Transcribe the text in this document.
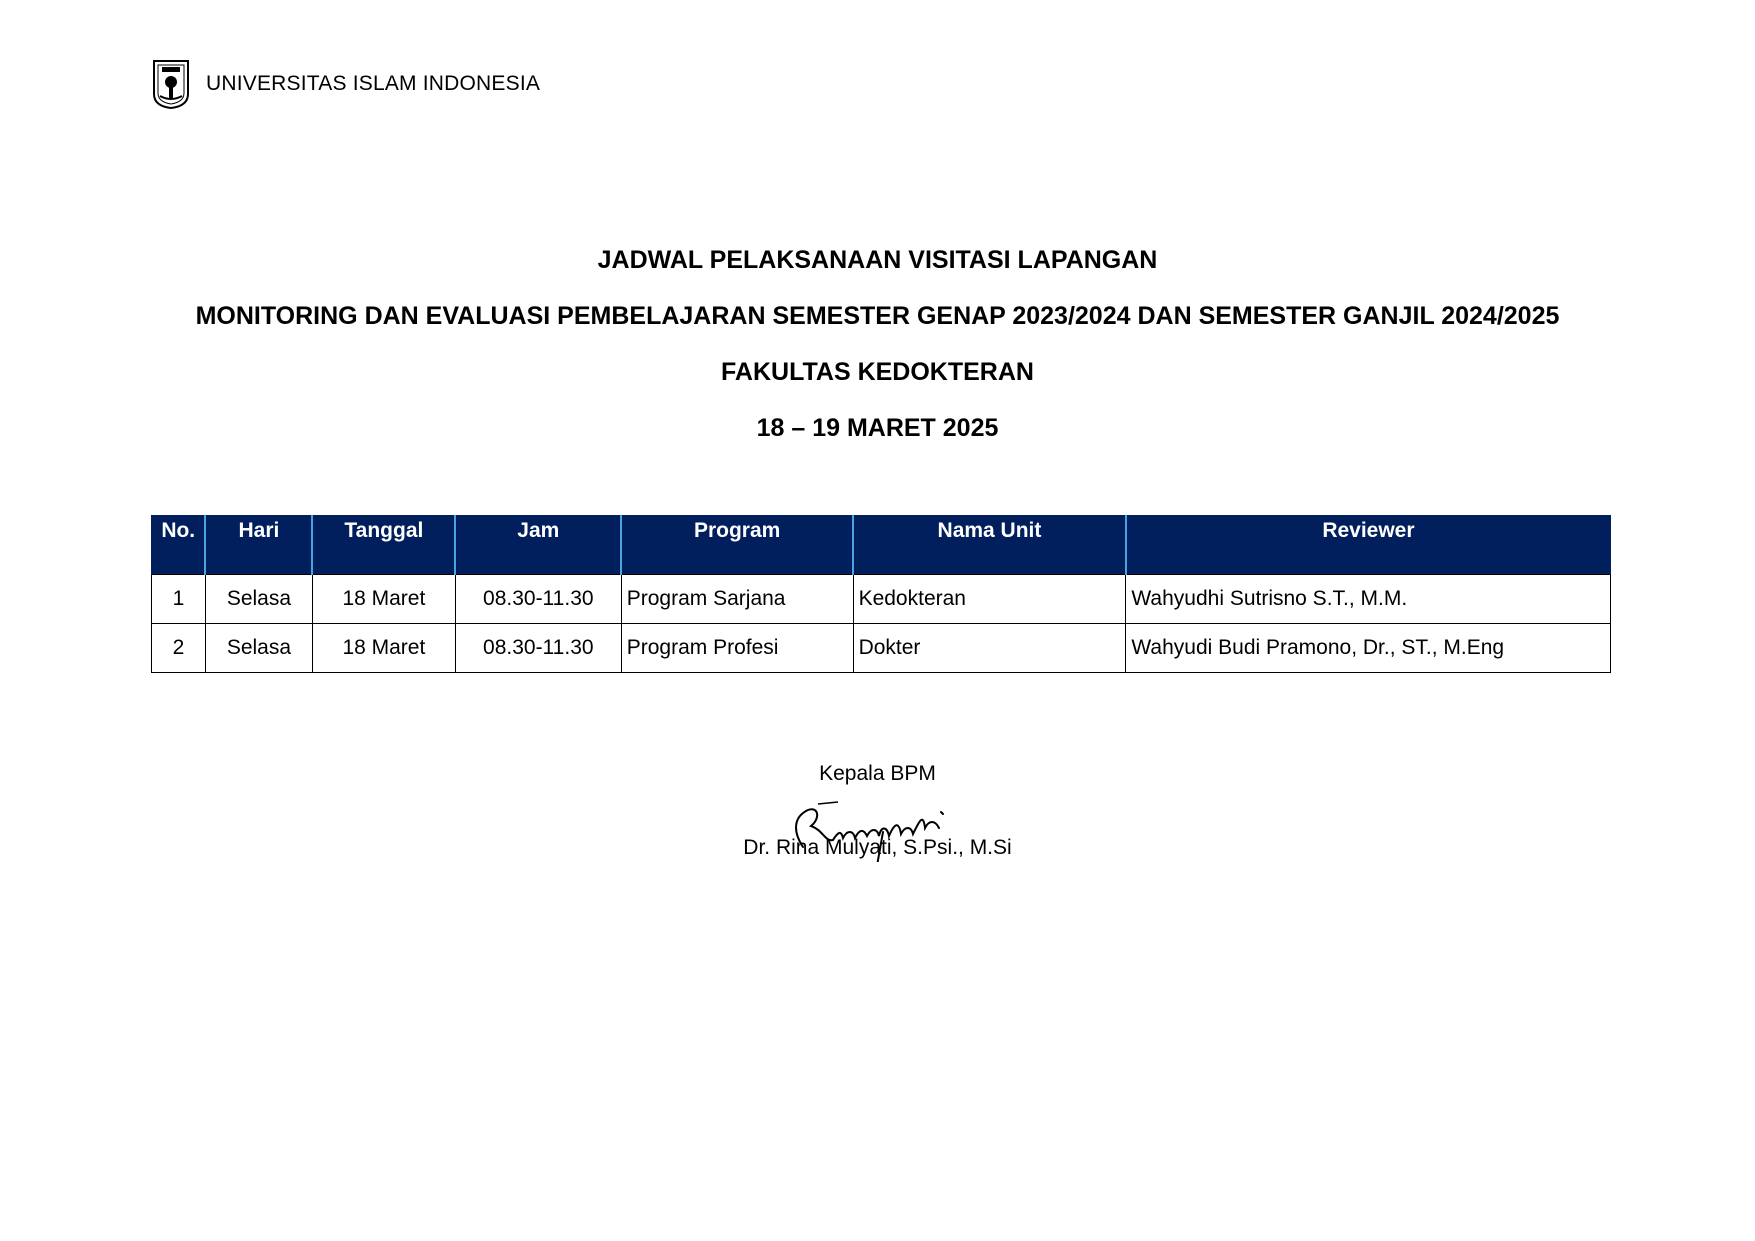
UNIVERSITAS ISLAM INDONESIA
JADWAL PELAKSANAAN VISITASI LAPANGAN
MONITORING DAN EVALUASI PEMBELAJARAN SEMESTER GENAP 2023/2024 DAN SEMESTER GANJIL 2024/2025
FAKULTAS KEDOKTERAN
18 – 19 MARET 2025
No.	Hari	Tanggal	Jam	Program	Nama Unit	Reviewer
1	Selasa	18 Maret	08.30-11.30	Program Sarjana	Kedokteran	Wahyudhi Sutrisno S.T., M.M.
2	Selasa	18 Maret	08.30-11.30	Program Profesi	Dokter	Wahyudi Budi Pramono, Dr., ST., M.Eng
Kepala BPM
Dr. Rina Mulyati, S.Psi., M.Si
